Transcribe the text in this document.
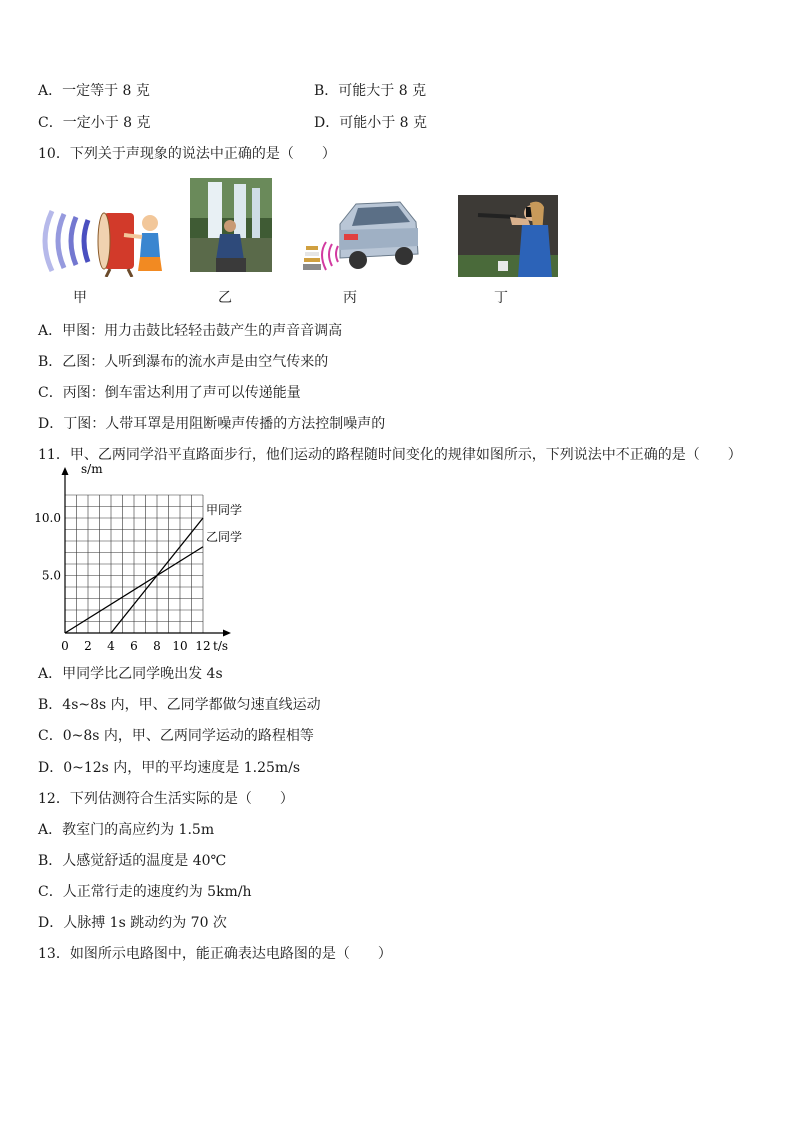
A．一定等于 8 克	B．可能大于 8 克
C．一定小于 8 克	D．可能小于 8 克
10．下列关于声现象的说法中正确的是（　　）
甲	乙	丙	丁
A．甲图：用力击鼓比轻轻击鼓产生的声音音调高
B．乙图：人听到瀑布的流水声是由空气传来的
C．丙图：倒车雷达利用了声可以传递能量
D．丁图：人带耳罩是用阻断噪声传播的方法控制噪声的
11．甲、乙两同学沿平直路面步行，他们运动的路程随时间变化的规律如图所示，下列说法中不正确的是（　　）
甲同学
乙同学
0 2 4 6 8 10 12
5.0
10.0
s/m
t/s
A．甲同学比乙同学晚出发 4s
B．4s~8s 内，甲、乙同学都做匀速直线运动
C．0~8s 内，甲、乙两同学运动的路程相等
D．0~12s 内，甲的平均速度是 1.25m/s
12．下列估测符合生活实际的是（　　）
A．教室门的高应约为 1.5m
B．人感觉舒适的温度是 40℃
C．人正常行走的速度约为 5km/h
D．人脉搏 1s 跳动约为 70 次
13．如图所示电路图中，能正确表达电路图的是（　　）
